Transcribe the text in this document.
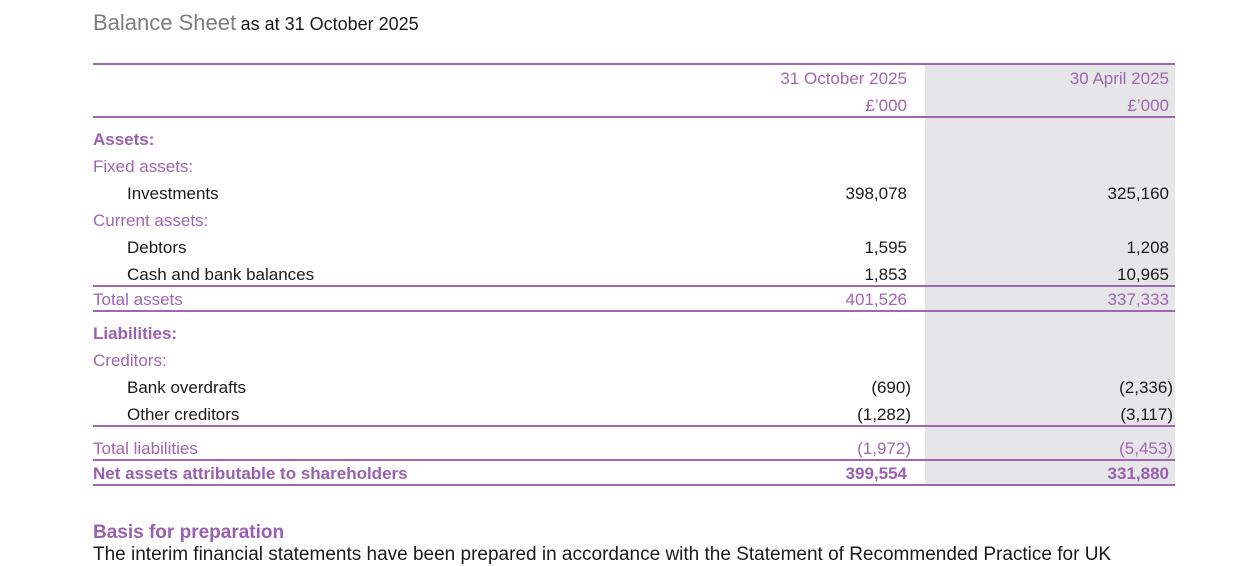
Balance Sheet as at 31 October 2025
31 October 2025	30 April 2025
£’000	£’000
Assets:
Fixed assets:
Investments	398,078	325,160
Current assets:
Debtors	1,595	1,208
Cash and bank balances	1,853	10,965
Total assets	401,526	337,333
Liabilities:
Creditors:
Bank overdrafts	(690)	(2,336)
Other creditors	(1,282)	(3,117)
Total liabilities	(1,972)	(5,453)
Net assets attributable to shareholders	399,554	331,880
Basis for preparation
The interim financial statements have been prepared in accordance with the Statement of Recommended Practice for UK
